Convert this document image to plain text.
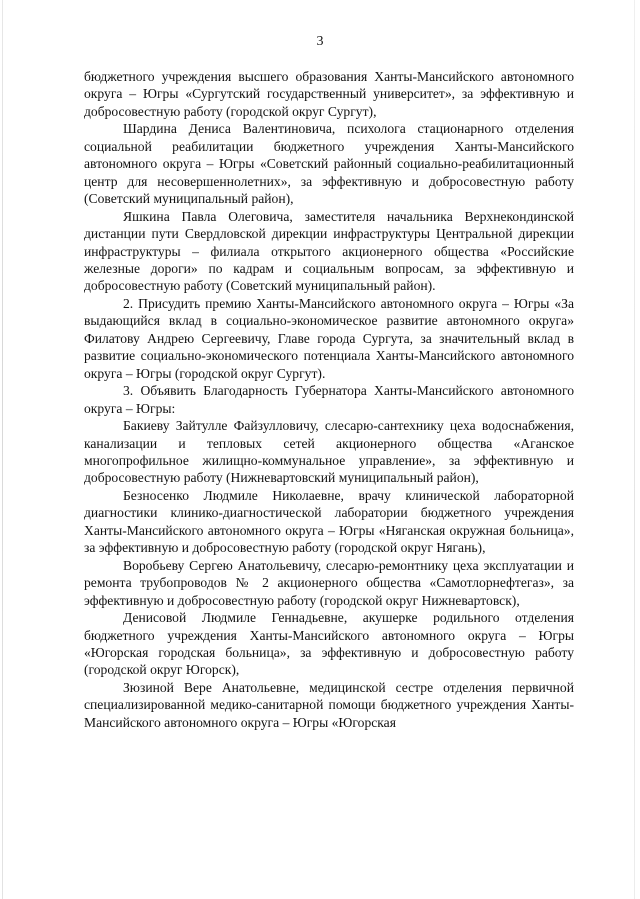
3

бюджетного учреждения высшего образования Ханты-Мансийского автономного округа – Югры «Сургутский государственный университет», за эффективную и добросовестную работу (городской округ Сургут),

Шардина Дениса Валентиновича, психолога стационарного отделения социальной реабилитации бюджетного учреждения Ханты-Мансийского автономного округа – Югры «Советский районный социально-реабилитационный центр для несовершеннолетних», за эффективную и добросовестную работу (Советский муниципальный район),

Яшкина Павла Олеговича, заместителя начальника Верхнекондинской дистанции пути Свердловской дирекции инфраструктуры Центральной дирекции инфраструктуры – филиала открытого акционерного общества «Российские железные дороги» по кадрам и социальным вопросам, за эффективную и добросовестную работу (Советский муниципальный район).

2. Присудить премию Ханты-Мансийского автономного округа – Югры «За выдающийся вклад в социально-экономическое развитие автономного округа» Филатову Андрею Сергеевичу, Главе города Сургута, за значительный вклад в развитие социально-экономического потенциала Ханты-Мансийского автономного округа – Югры (городской округ Сургут).

3. Объявить Благодарность Губернатора Ханты-Мансийского автономного округа – Югры:

Бакиеву Зайтулле Файзулловичу, слесарю-сантехнику цеха водоснабжения, канализации и тепловых сетей акционерного общества «Аганское многопрофильное жилищно-коммунальное управление», за эффективную и добросовестную работу (Нижневартовский муниципальный район),

Безносенко Людмиле Николаевне, врачу клинической лабораторной диагностики клинико-диагностической лаборатории бюджетного учреждения Ханты-Мансийского автономного округа – Югры «Няганская окружная больница», за эффективную и добросовестную работу (городской округ Нягань),

Воробьеву Сергею Анатольевичу, слесарю-ремонтнику цеха эксплуатации и ремонта трубопроводов № 2 акционерного общества «Самотлорнефтегаз», за эффективную и добросовестную работу (городской округ Нижневартовск),

Денисовой Людмиле Геннадьевне, акушерке родильного отделения бюджетного учреждения Ханты-Мансийского автономного округа – Югры «Югорская городская больница», за эффективную и добросовестную работу (городской округ Югорск),

Зюзиной Вере Анатольевне, медицинской сестре отделения первичной специализированной медико-санитарной помощи бюджетного учреждения Ханты-Мансийского автономного округа – Югры «Югорская
